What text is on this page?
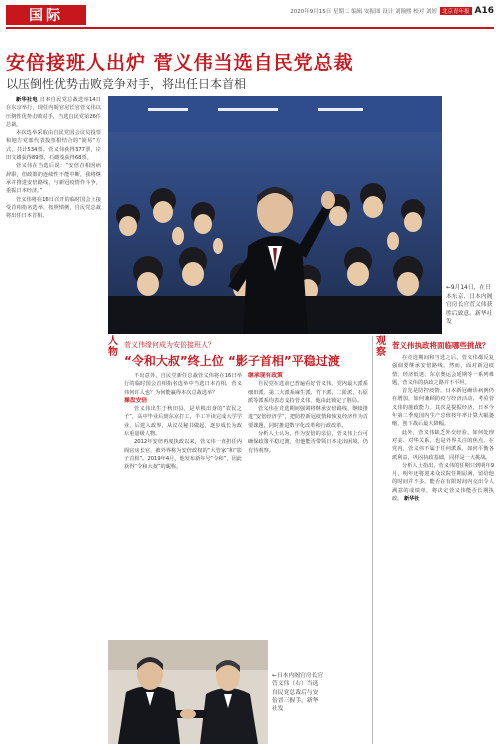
国际	2020年9月15日 星期二 编辑 安振图 设计 刘翰熙 校对 刘婷 北京青年报 A16
安倍接班人出炉 菅义伟当选自民党总裁
以压倒性优势击败竞争对手，将出任日本首相

新华社电 日本自民党总裁选举14日在东京举行，现任内阁官房长官菅义伟以压倒性优势击败对手，当选自民党第26任总裁。

本次选举采取由自民党国会议员投票和地方党部代表投票相结合的“简易”方式，共计534票。菅义伟获得377票，岸田文雄获得89票，石破茂获得68票。

菅义伟在当选后说：“安倍首相因病辞职，但政策的连续性不能中断。我将继承并推进安倍路线，与新冠疫情作斗争，重振日本经济。”

菅义伟将在16日召开的临时国会上接受首相指名选举，按照惯例，自民党总裁将出任日本首相。

←9月14日，在日本东京，日本内阁官房长官菅义伟获胜后致意。新华社发
人物
菅义伟缘何成为安倍接班人？
“令和大叔”终上位 “影子首相”平稳过渡

不出意外，自民党新任总裁菅义伟将在16日举行的临时国会首相指名选举中当选日本首相，菅义伟何许人也？为何能赢得本次总裁选举？

操盘安倍

菅义伟出生于秋田县，是草根出身的“农民之子”，高中毕业后到东京打工，半工半读完成大学学业，后进入政界，从议员秘书做起，逐步成长为政坛重量级人物。

2012年安倍再度执政以来，菅义伟一直担任内阁官房长官，被外界称为安倍政权的“大管家”和“影子首相”。2019年4月，他发布新年号“令和”，因此获得“令和大叔”的昵称。

继承现有政策

自民党在选前已普遍看好菅义伟。党内最大派系细田派、第二大派系麻生派、竹下派、二阶派、石原派等派系均表态支持菅义伟，他由此锁定了胜局。

菅义伟在竞选期间强调将继承安倍路线，继续推进“安倍经济学”，把防控新冠疫情和恢复经济作为首要课题，同时推进数字化改革和行政改革。

分析人士认为，作为安倍的亲信，菅义伟上台可确保政策平稳过渡，但他能否带领日本走出困境，仍有待观察。

观察
菅义伟执政将面临哪些挑战？

在竞选期间和当选之后，菅义伟都反复强调要继承安倍路线。然而，面对新冠疫情、经济低迷、东京奥运会延期等一系列难题，菅义伟的执政之路并不平坦。

首先是防控疫情。日本新冠确诊病例仍在增加，如何兼顾防疫与经济活动，考验菅义伟的施政能力。其次是提振经济，日本今年第二季度国内生产总值按年率计算大幅萎缩，创下战后最大降幅。

此外，菅义伟缺乏外交经验，如何处理对美、对华关系，也是外界关注的焦点。在党内，菅义伟不属于任何派系，如何平衡各派利益，巩固执政基础，同样是一大挑战。

分析人士指出，菅义伟的任期只到明年9月，明年还将迎来众议院任期届满，留给他的时间并不多。能否在有限时间内交出令人满意的成绩单，将决定菅义伟能否长期执政。 新华社

←日本内阁官房长官菅义伟（右）当选自民党总裁后与安倍晋三握手。新华社发
